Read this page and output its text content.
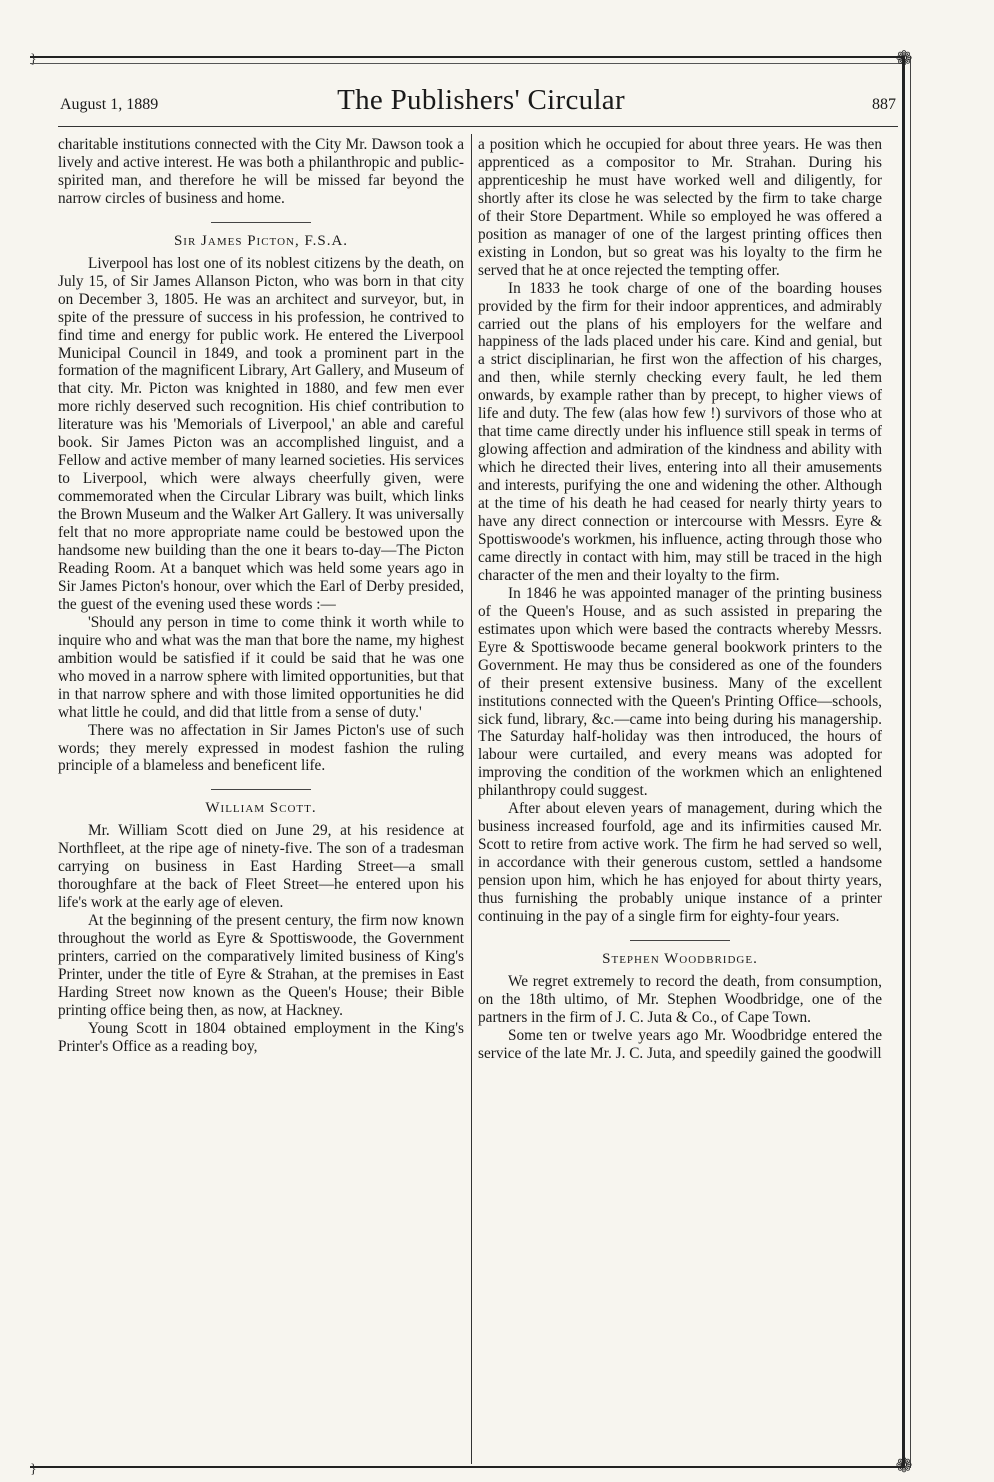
}
}
❁
❁
August 1, 1889	The Publishers' Circular	887

charitable institutions connected with the City Mr. Dawson took a lively and active interest. He was both a philanthropic and public-spirited man, and therefore he will be missed far beyond the narrow circles of business and home.

Sir James Picton, F.S.A.

Liverpool has lost one of its noblest citizens by the death, on July 15, of Sir James Allanson Picton, who was born in that city on December 3, 1805. He was an architect and surveyor, but, in spite of the pressure of success in his profession, he contrived to find time and energy for public work. He entered the Liverpool Municipal Council in 1849, and took a prominent part in the formation of the magnificent Library, Art Gallery, and Museum of that city. Mr. Picton was knighted in 1880, and few men ever more richly deserved such recognition. His chief contribution to literature was his 'Memorials of Liverpool,' an able and careful book. Sir James Picton was an accomplished linguist, and a Fellow and active member of many learned societies. His services to Liverpool, which were always cheerfully given, were commemorated when the Circular Library was built, which links the Brown Museum and the Walker Art Gallery. It was universally felt that no more appropriate name could be bestowed upon the handsome new building than the one it bears to-day—The Picton Reading Room. At a banquet which was held some years ago in Sir James Picton's honour, over which the Earl of Derby presided, the guest of the evening used these words :—

'Should any person in time to come think it worth while to inquire who and what was the man that bore the name, my highest ambition would be satisfied if it could be said that he was one who moved in a narrow sphere with limited opportunities, but that in that narrow sphere and with those limited opportunities he did what little he could, and did that little from a sense of duty.'

There was no affectation in Sir James Picton's use of such words; they merely expressed in modest fashion the ruling principle of a blameless and beneficent life.

William Scott.

Mr. William Scott died on June 29, at his residence at Northfleet, at the ripe age of ninety-five. The son of a tradesman carrying on business in East Harding Street—a small thoroughfare at the back of Fleet Street—he entered upon his life's work at the early age of eleven.

At the beginning of the present century, the firm now known throughout the world as Eyre & Spottiswoode, the Government printers, carried on the comparatively limited business of King's Printer, under the title of Eyre & Strahan, at the premises in East Harding Street now known as the Queen's House; their Bible printing office being then, as now, at Hackney.

Young Scott in 1804 obtained employment in the King's Printer's Office as a reading boy,

a position which he occupied for about three years. He was then apprenticed as a compositor to Mr. Strahan. During his apprenticeship he must have worked well and diligently, for shortly after its close he was selected by the firm to take charge of their Store Department. While so employed he was offered a position as manager of one of the largest printing offices then existing in London, but so great was his loyalty to the firm he served that he at once rejected the tempting offer.

In 1833 he took charge of one of the boarding houses provided by the firm for their indoor apprentices, and admirably carried out the plans of his employers for the welfare and happiness of the lads placed under his care. Kind and genial, but a strict disciplinarian, he first won the affection of his charges, and then, while sternly checking every fault, he led them onwards, by example rather than by precept, to higher views of life and duty. The few (alas how few !) survivors of those who at that time came directly under his influence still speak in terms of glowing affection and admiration of the kindness and ability with which he directed their lives, entering into all their amusements and interests, purifying the one and widening the other. Although at the time of his death he had ceased for nearly thirty years to have any direct connection or intercourse with Messrs. Eyre & Spottiswoode's workmen, his influence, acting through those who came directly in contact with him, may still be traced in the high character of the men and their loyalty to the firm.

In 1846 he was appointed manager of the printing business of the Queen's House, and as such assisted in preparing the estimates upon which were based the contracts whereby Messrs. Eyre & Spottiswoode became general bookwork printers to the Government. He may thus be considered as one of the founders of their present extensive business. Many of the excellent institutions connected with the Queen's Printing Office—schools, sick fund, library, &c.—came into being during his managership. The Saturday half-holiday was then introduced, the hours of labour were curtailed, and every means was adopted for improving the condition of the workmen which an enlightened philanthropy could suggest.

After about eleven years of management, during which the business increased fourfold, age and its infirmities caused Mr. Scott to retire from active work. The firm he had served so well, in accordance with their generous custom, settled a handsome pension upon him, which he has enjoyed for about thirty years, thus furnishing the probably unique instance of a printer continuing in the pay of a single firm for eighty-four years.

Stephen Woodbridge.

We regret extremely to record the death, from consumption, on the 18th ultimo, of Mr. Stephen Woodbridge, one of the partners in the firm of J. C. Juta & Co., of Cape Town.

Some ten or twelve years ago Mr. Woodbridge entered the service of the late Mr. J. C. Juta, and speedily gained the goodwill
